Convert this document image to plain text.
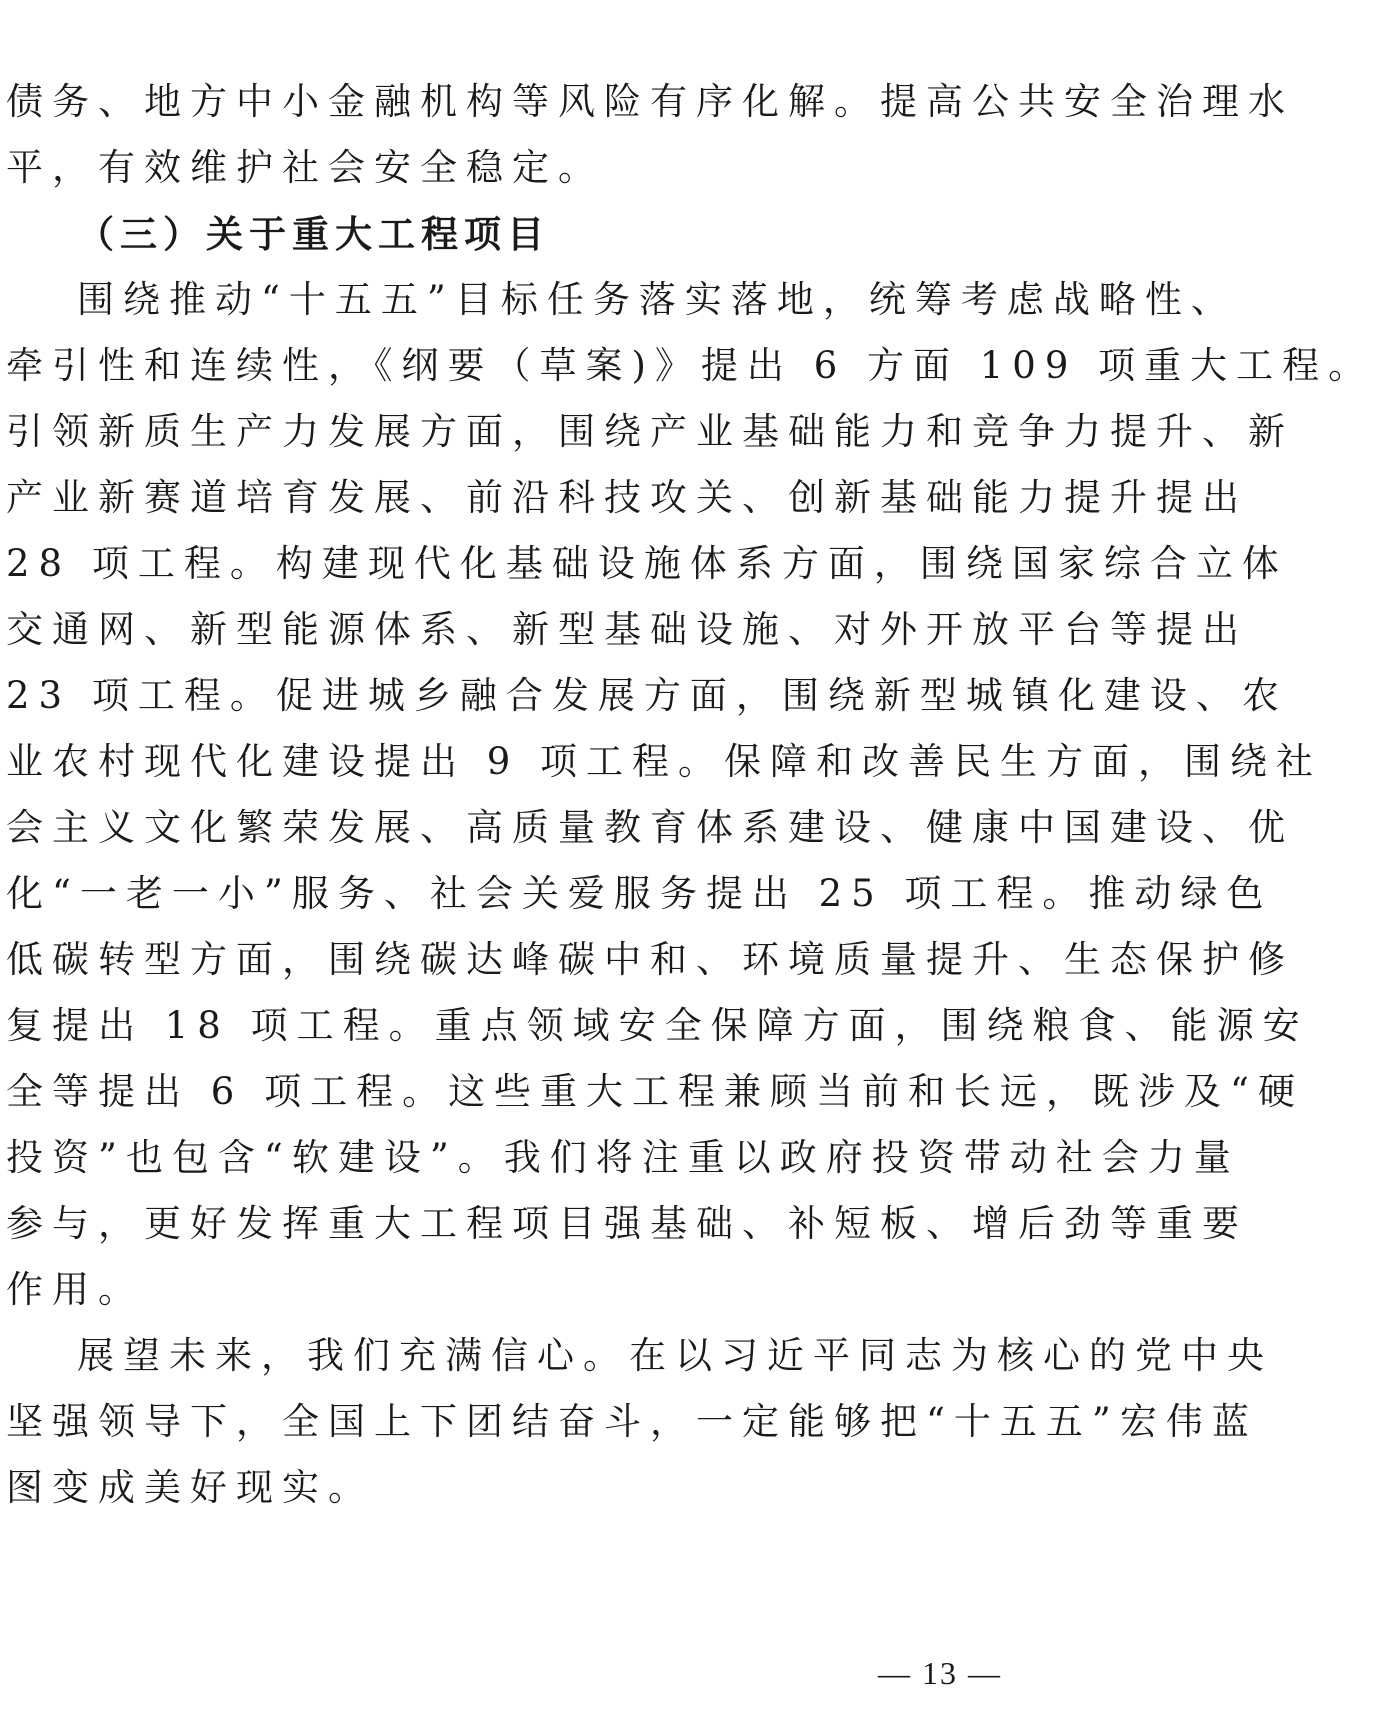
债务、地方中小金融机构等风险有序化解。提高公共安全治理水
平，有效维护社会安全稳定。
（三）关于重大工程项目
围绕推动“十五五”目标任务落实落地，统筹考虑战略性、
牵引性和连续性，《纲要（草案)》提出 6 方面 109 项重大工程。
引领新质生产力发展方面，围绕产业基础能力和竞争力提升、新
产业新赛道培育发展、前沿科技攻关、创新基础能力提升提出
28 项工程。构建现代化基础设施体系方面，围绕国家综合立体
交通网、新型能源体系、新型基础设施、对外开放平台等提出
23 项工程。促进城乡融合发展方面，围绕新型城镇化建设、农
业农村现代化建设提出 9 项工程。保障和改善民生方面，围绕社
会主义文化繁荣发展、高质量教育体系建设、健康中国建设、优
化“一老一小”服务、社会关爱服务提出 25 项工程。推动绿色
低碳转型方面，围绕碳达峰碳中和、环境质量提升、生态保护修
复提出 18 项工程。重点领域安全保障方面，围绕粮食、能源安
全等提出 6 项工程。这些重大工程兼顾当前和长远，既涉及“硬
投资”也包含“软建设”。我们将注重以政府投资带动社会力量
参与，更好发挥重大工程项目强基础、补短板、增后劲等重要
作用。
展望未来，我们充满信心。在以习近平同志为核心的党中央
坚强领导下，全国上下团结奋斗，一定能够把“十五五”宏伟蓝
图变成美好现实。
— 13 —
